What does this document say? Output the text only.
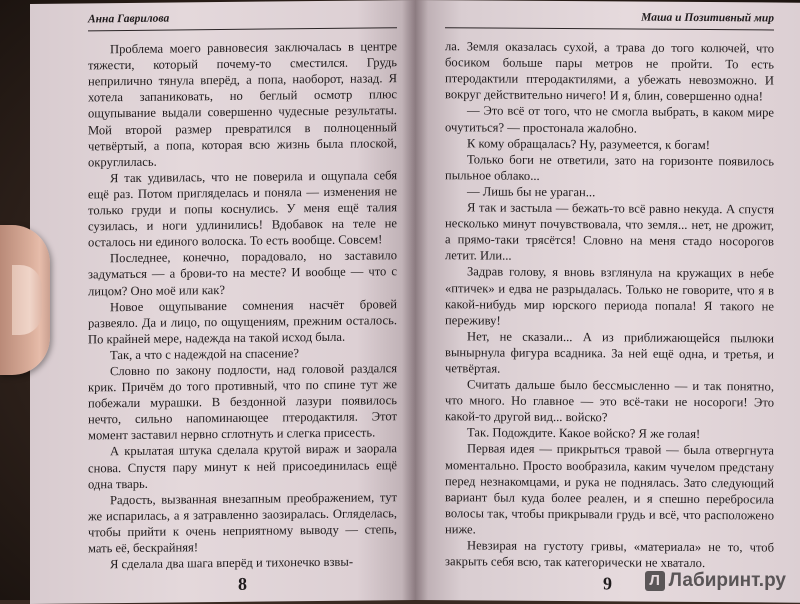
Анна Гаврилова

Проблема моего равновесия заключалась в центре тяжести, который почему-то сместился. Грудь неприлично тянула вперёд, а попа, наоборот, назад. Я хотела запаниковать, но беглый осмотр плюс ощупывание выдали совершенно чудесные результаты. Мой второй размер превратился в полноценный четвёртый, а попа, которая всю жизнь была плоской, округлилась.

Я так удивилась, что не поверила и ощупала себя ещё раз. Потом пригляделась и поняла — изменения не только груди и попы коснулись. У меня ещё талия сузилась, и ноги удлинились! Вдобавок на теле не осталось ни единого волоска. То есть вообще. Совсем!

Последнее, конечно, порадовало, но заставило задуматься — а брови-то на месте? И вообще — что с лицом? Оно моё или как?

Новое ощупывание сомнения насчёт бровей развеяло. Да и лицо, по ощущениям, прежним осталось. По крайней мере, надежда на такой исход была.

Так, а что с надеждой на спасение?

Словно по закону подлости, над головой раздался крик. Причём до того противный, что по спине тут же побежали мурашки. В бездонной лазури появилось нечто, сильно напоминающее птеродактиля. Этот момент заставил нервно сглотнуть и слегка присесть.

А крылатая штука сделала крутой вираж и заорала снова. Спустя пару минут к ней присоединилась ещё одна тварь.

Радость, вызванная внезапным преображением, тут же испарилась, а я затравленно заозиралась. Огляделась, чтобы прийти к очень неприятному выводу — степь, мать её, бескрайняя!

Я сделала два шага вперёд и тихонечко взвы-

8
Маша и Позитивный мир

ла. Земля оказалась сухой, а трава до того колючей, что босиком больше пары метров не пройти. То есть птеродактили птеродактилями, а убежать невозможно. И вокруг действительно ничего! И я, блин, совершенно одна!

— Это всё от того, что не смогла выбрать, в каком мире очутиться? — простонала жалобно.

К кому обращалась? Ну, разумеется, к богам!

Только боги не ответили, зато на горизонте появилось пыльное облако...

— Лишь бы не ураган...

Я так и застыла — бежать-то всё равно некуда. А спустя несколько минут почувствовала, что земля... нет, не дрожит, а прямо-таки трясётся! Словно на меня стадо носорогов летит. Или...

Задрав голову, я вновь взглянула на кружащих в небе «птичек» и едва не разрыдалась. Только не говорите, что я в какой-нибудь мир юрского периода попала! Я такого не переживу!

Нет, не сказали... А из приближающейся пылюки вынырнула фигура всадника. За ней ещё одна, и третья, и четвёртая.

Считать дальше было бессмысленно — и так понятно, что много. Но главное — это всё-таки не носороги! Это какой-то другой вид... войско?

Так. Подождите. Какое войско? Я же голая!

Первая идея — прикрыться травой — была отвергнута моментально. Просто вообразила, каким чучелом предстану перед незнакомцами, и рука не поднялась. Зато следующий вариант был куда более реален, и я спешно перебросила волосы так, чтобы прикрывали грудь и всё, что расположено ниже.

Невзирая на густоту гривы, «материала» не то, чтоб закрыть себя всю, так категорически не хватало.

9	Л Лабиринт.ру
